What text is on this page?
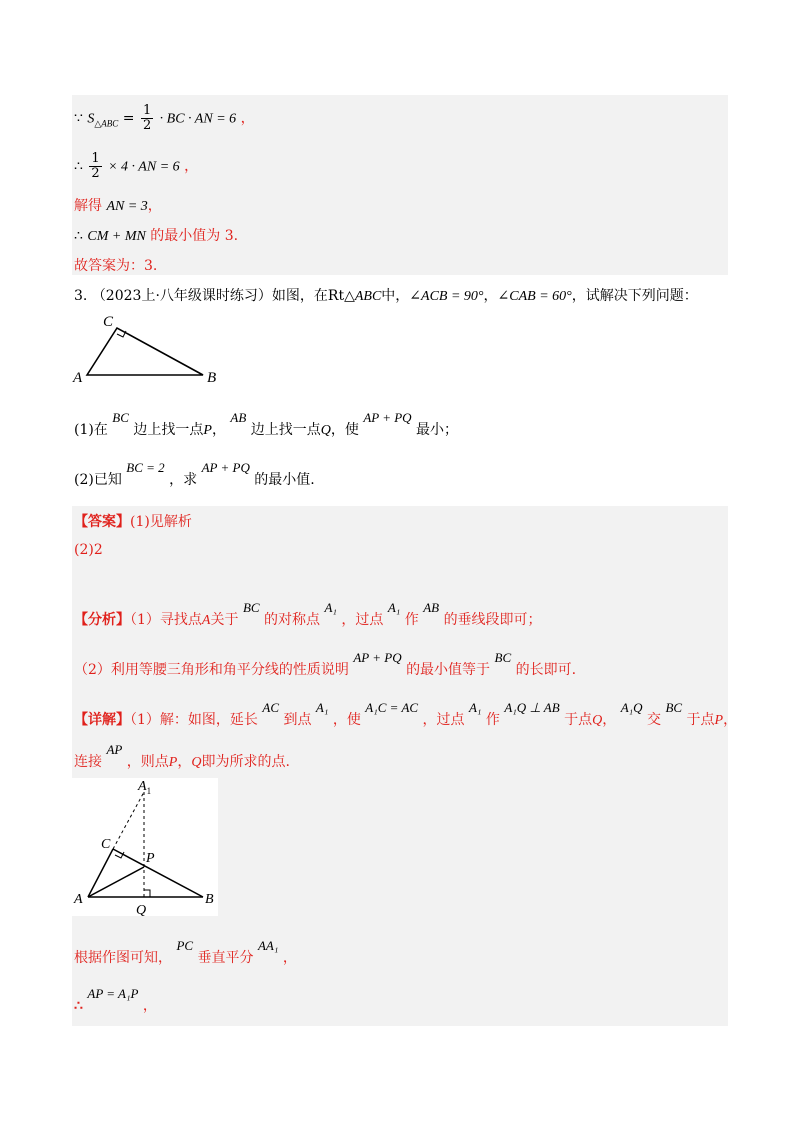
∵ $S_{\triangle ABC} = \frac{1}{2}$ · BC · AN = 6 ，
∴ $\frac{1}{2} \times 4$ · AN = 6 ，
解得 AN = 3，
∴ CM + MN 的最小值为 3.
故答案为：3.
3. （2023上·八年级课时练习）如图，在Rt△ABC中，∠ACB = 90°，∠CAB = 60°，试解决下列问题：
C
A	B
(1)在 BC 边上找一点P， AB 边上找一点Q，使 AP + PQ 最小；
(2)已知 BC = 2 ，求 AP + PQ 的最小值.
【答案】(1)见解析
(2)2
【分析】（1）寻找点A关于 BC 的对称点 A₁ ，过点 A₁ 作 AB 的垂线段即可；
（2）利用等腰三角形和角平分线的性质说明 AP + PQ 的最小值等于 BC 的长即可.
【详解】（1）解：如图，延长 AC 到点 A₁ ，使 A₁C = AC ，过点 A₁ 作 A₁Q ⊥ AB 于点Q， A₁Q 交 BC 于点P，
连接 AP ，则点P，Q即为所求的点.
$A_1$
C
P
A
Q
B
根据作图可知， PC 垂直平分 AA₁ ，
∴ AP = A₁P ，
